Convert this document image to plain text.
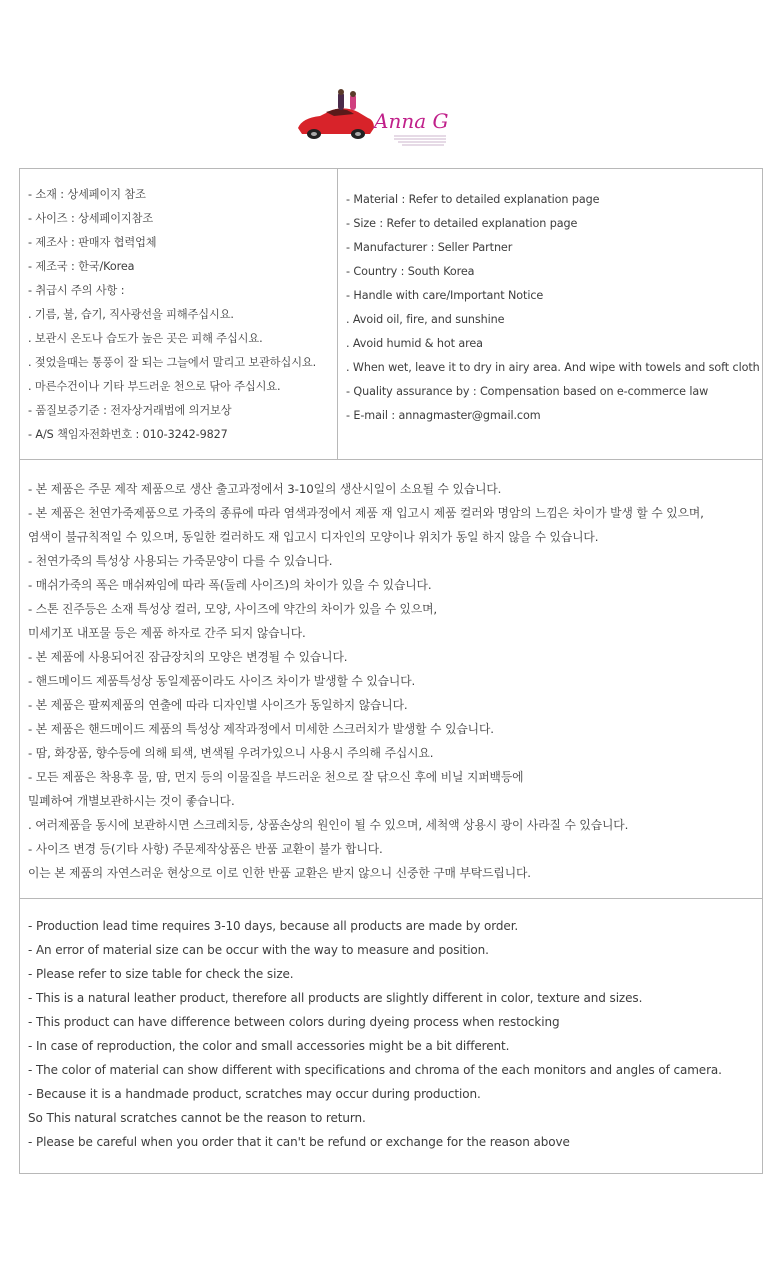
Anna G
- 소재 : 상세페이지 참조
- 사이즈 : 상세페이지참조
- 제조사 : 판매자 협력업체
- 제조국 : 한국/Korea
- 취급시 주의 사항 :
. 기름, 불, 습기, 직사광선을 피해주십시요.
. 보관시 온도나 습도가 높은 곳은 피해 주십시요.
. 젖었을때는 통풍이 잘 되는 그늘에서 말리고 보관하십시요.
. 마른수건이나 기타 부드러운 천으로 닦아 주십시요.
- 품질보증기준 : 전자상거래법에 의거보상
- A/S 책임자전화번호 : 010-3242-9827
- Material : Refer to detailed explanation page
- Size : Refer to detailed explanation page
- Manufacturer : Seller Partner
- Country : South Korea
- Handle with care/Important Notice
. Avoid oil, fire, and sunshine
. Avoid humid & hot area
. When wet, leave it to dry in airy area. And wipe with towels and soft cloth
- Quality assurance by : Compensation based on e-commerce law
- E-mail : annagmaster@gmail.com
- 본 제품은 주문 제작 제품으로 생산 출고과정에서 3-10일의 생산시일이 소요될 수 있습니다.
- 본 제품은 천연가죽제품으로 가죽의 종류에 따라 염색과정에서 제품 재 입고시 제품 컬러와 명암의 느낌은 차이가 발생 할 수 있으며,
염색이 불규칙적일 수 있으며, 동일한 컬러하도 재 입고시 디자인의 모양이나 위치가 동일 하지 않을 수 있습니다.
- 천연가죽의 특성상 사용되는 가죽문양이 다를 수 있습니다.
- 매쉬가죽의 폭은 매쉬짜임에 따라 폭(둘레 사이즈)의 차이가 있을 수 있습니다.
- 스톤 진주등은 소재 특성상 컬러, 모양, 사이즈에 약간의 차이가 있을 수 있으며,
미세기포 내포물 등은 제품 하자로 간주 되지 않습니다.
- 본 제품에 사용되어진 잠금장치의 모양은 변경될 수 있습니다.
- 핸드메이드 제품특성상 동일제품이라도 사이즈 차이가 발생할 수 있습니다.
- 본 제품은 팔찌제품의 연출에 따라 디자인별 사이즈가 동일하지 않습니다.
- 본 제품은 핸드메이드 제품의 특성상 제작과정에서 미세한 스크러치가 발생할 수 있습니다.
- 땀, 화장품, 향수등에 의해 퇴색, 변색될 우려가있으니 사용시 주의해 주십시요.
- 모든 제품은 착용후 물, 땀, 먼지 등의 이물질을 부드러운 천으로 잘 닦으신 후에 비닐 지퍼백등에
밀폐하여 개별보관하시는 것이 좋습니다.
. 여러제품을 동시에 보관하시면 스크레치등, 상품손상의 원인이 될 수 있으며, 세척액 상용시 광이 사라질 수 있습니다.
- 사이즈 변경 등(기타 사항) 주문제작상품은 반품 교환이 불가 합니다.
이는 본 제품의 자연스러운 현상으로 이로 인한 반품 교환은 받지 않으니 신중한 구매 부탁드립니다.
- Production lead time requires 3-10 days, because all products are made by order.
- An error of material size can be occur with the way to measure and position.
- Please refer to size table for check the size.
- This is a natural leather product, therefore all products are slightly different in color, texture and sizes.
- This product can have difference between colors during dyeing process when restocking
- In case of reproduction, the color and small accessories might be a bit different.
- The color of material can show different with specifications and chroma of the each monitors and angles of camera.
- Because it is a handmade product, scratches may occur during production.
So This natural scratches cannot be the reason to return.
- Please be careful when you order that it can't be refund or exchange for the reason above
